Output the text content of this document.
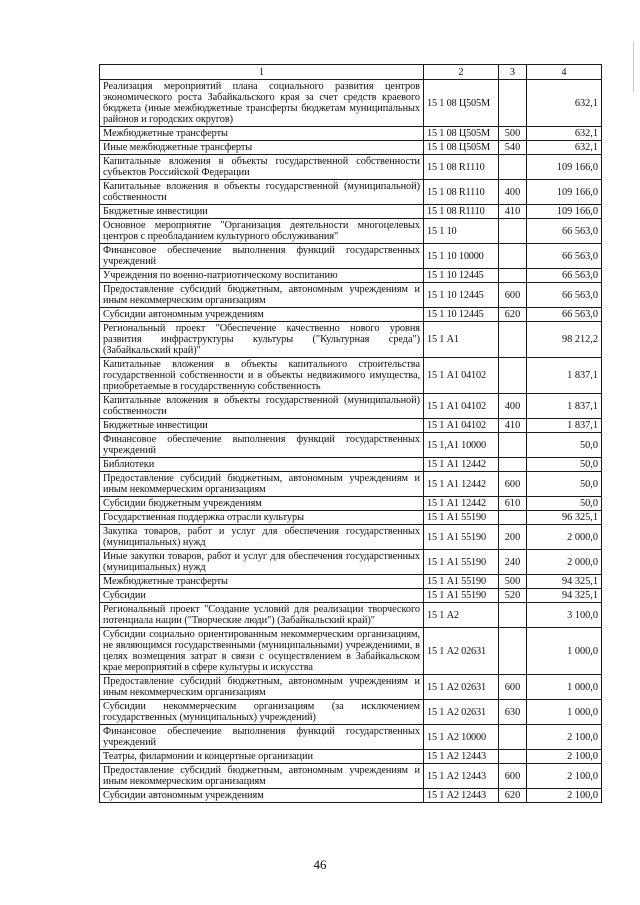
1	2	3	4
Реализация мероприятий плана социального развития центров экономического роста Забайкальского края за счет средств краевого бюджета (иные межбюджетные трансферты бюджетам муниципальных районов и городских округов)	15 1 08 Ц505М		632,1
Межбюджетные трансферты	15 1 08 Ц505М	500	632,1
Иные межбюджетные трансферты	15 1 08 Ц505М	540	632,1
Капитальные вложения в объекты государственной собственности субъектов Российской Федерации	15 1 08 R1110		109 166,0
Капитальные вложения в объекты государственной (муниципальной) собственности	15 1 08 R1110	400	109 166,0
Бюджетные инвестиции	15 1 08 R1110	410	109 166,0
Основное мероприятие "Организация деятельности многоцелевых центров с преобладанием культурного обслуживания"	15 1 10		66 563,0
Финансовое обеспечение выполнения функций государственных учреждений	15 1 10 10000		66 563,0
Учреждения по военно-патриотическому воспитанию	15 1 10 12445		66 563,0
Предоставление субсидий бюджетным, автономным учреждениям и иным некоммерческим организациям	15 1 10 12445	600	66 563,0
Субсидии автономным учреждениям	15 1 10 12445	620	66 563,0
Региональный проект "Обеспечение качественно нового уровня развития инфраструктуры культуры ("Культурная среда") (Забайкальский край)"	15 1 А1		98 212,2
Капитальные вложения в объекты капитального строительства государственной собственности и в объекты недвижимого имущества, приобретаемые в государственную собственность	15 1 А1 04102		1 837,1
Капитальные вложения в объекты государственной (муниципальной) собственности	15 1 А1 04102	400	1 837,1
Бюджетные инвестиции	15 1 А1 04102	410	1 837,1
Финансовое обеспечение выполнения функций государственных учреждений	15 1,А1 10000		50,0
Библиотеки	15 1 А1 12442		50,0
Предоставление субсидий бюджетным, автономным учреждениям и иным некоммерческим организациям	15 1 А1 12442	600	50,0
Субсидии бюджетным учреждениям	15 1 А1 12442	610	50,0
Государственная поддержка отрасли культуры	15 1 А1 55190		96 325,1
Закупка товаров, работ и услуг для обеспечения государственных (муниципальных) нужд	15 1 А1 55190	200	2 000,0
Иные закупки товаров, работ и услуг для обеспечения государственных (муниципальных) нужд	15 1 А1 55190	240	2 000,0
Межбюджетные трансферты	15 1 А1 55190	500	94 325,1
Субсидии	15 1 А1 55190	520	94 325,1
Региональный проект "Создание условий для реализации творческого потенциала нации ("Творческие люди") (Забайкальский край)"	15 1 А2		3 100,0
Субсидии социально ориентированным некоммерческим организациям, не являющимся государственными (муниципальными) учреждениями, в целях возмещения затрат в связи с осуществлением в Забайкальском крае мероприятий в сфере культуры и искусства	15 1 А2 02631		1 000,0
Предоставление субсидий бюджетным, автономным учреждениям и иным некоммерческим организациям	15 1 А2 02631	600	1 000,0
Субсидии некоммерческим организациям (за исключением государственных (муниципальных) учреждений)	15 1 А2 02631	630	1 000,0
Финансовое обеспечение выполнения функций государственных учреждений	15 1 А2 10000		2 100,0
Театры, филармонии и концертные организации	15 1 А2 12443		2 100,0
Предоставление субсидий бюджетным, автономным учреждениям и иным некоммерческим организациям	15 1 А2 12443	600	2 100,0
Субсидии автономным учреждениям	15 1 А2 12443	620	2 100,0
46
